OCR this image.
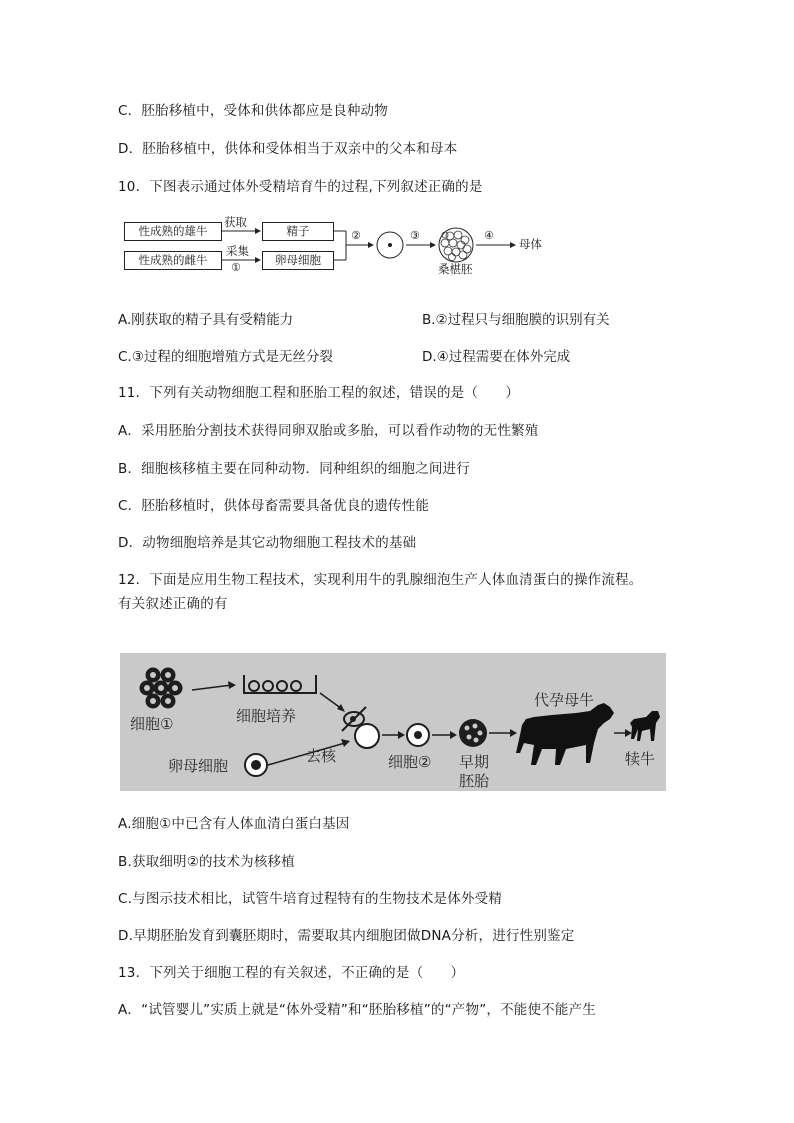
C．胚胎移植中，受体和供体都应是良种动物
D．胚胎移植中，供体和受体相当于双亲中的父本和母本
10．下图表示通过体外受精培育牛的过程,下列叙述正确的是
性成熟的雄牛
性成熟的雌牛
获取
采集
①
精子
卵母细胞
②	③	④
母体
桑椹胚
A.刚获取的精子具有受精能力	B.②过程只与细胞膜的识别有关
C.③过程的细胞增殖方式是无丝分裂	D.④过程需要在体外完成
11．下列有关动物细胞工程和胚胎工程的叙述，错误的是（　　）
A．采用胚胎分割技术获得同卵双胎或多胎，可以看作动物的无性繁殖
B．细胞核移植主要在同种动物．同种组织的细胞之间进行
C．胚胎移植时，供体母畜需要具备优良的遗传性能
D．动物细胞培养是其它动物细胞工程技术的基础
12．下面是应用生物工程技术，实现利用牛的乳腺细泡生产人体血清蛋白的操作流程。
有关叙述正确的有
细胞①	细胞培养
卵母细胞
去核	细胞② 早期
胚胎
代孕母牛
犊牛
A.细胞①中已含有人体血清白蛋白基因
B.获取细明②的技术为核移植
C.与图示技术相比，试管牛培育过程特有的生物技术是体外受精
D.早期胚胎发育到囊胚期时，需要取其内细胞团做DNA分析，进行性别鉴定
13．下列关于细胞工程的有关叙述，不正确的是（　　）
A．“试管婴儿”实质上就是“体外受精”和“胚胎移植”的“产物”，不能使不能产生
